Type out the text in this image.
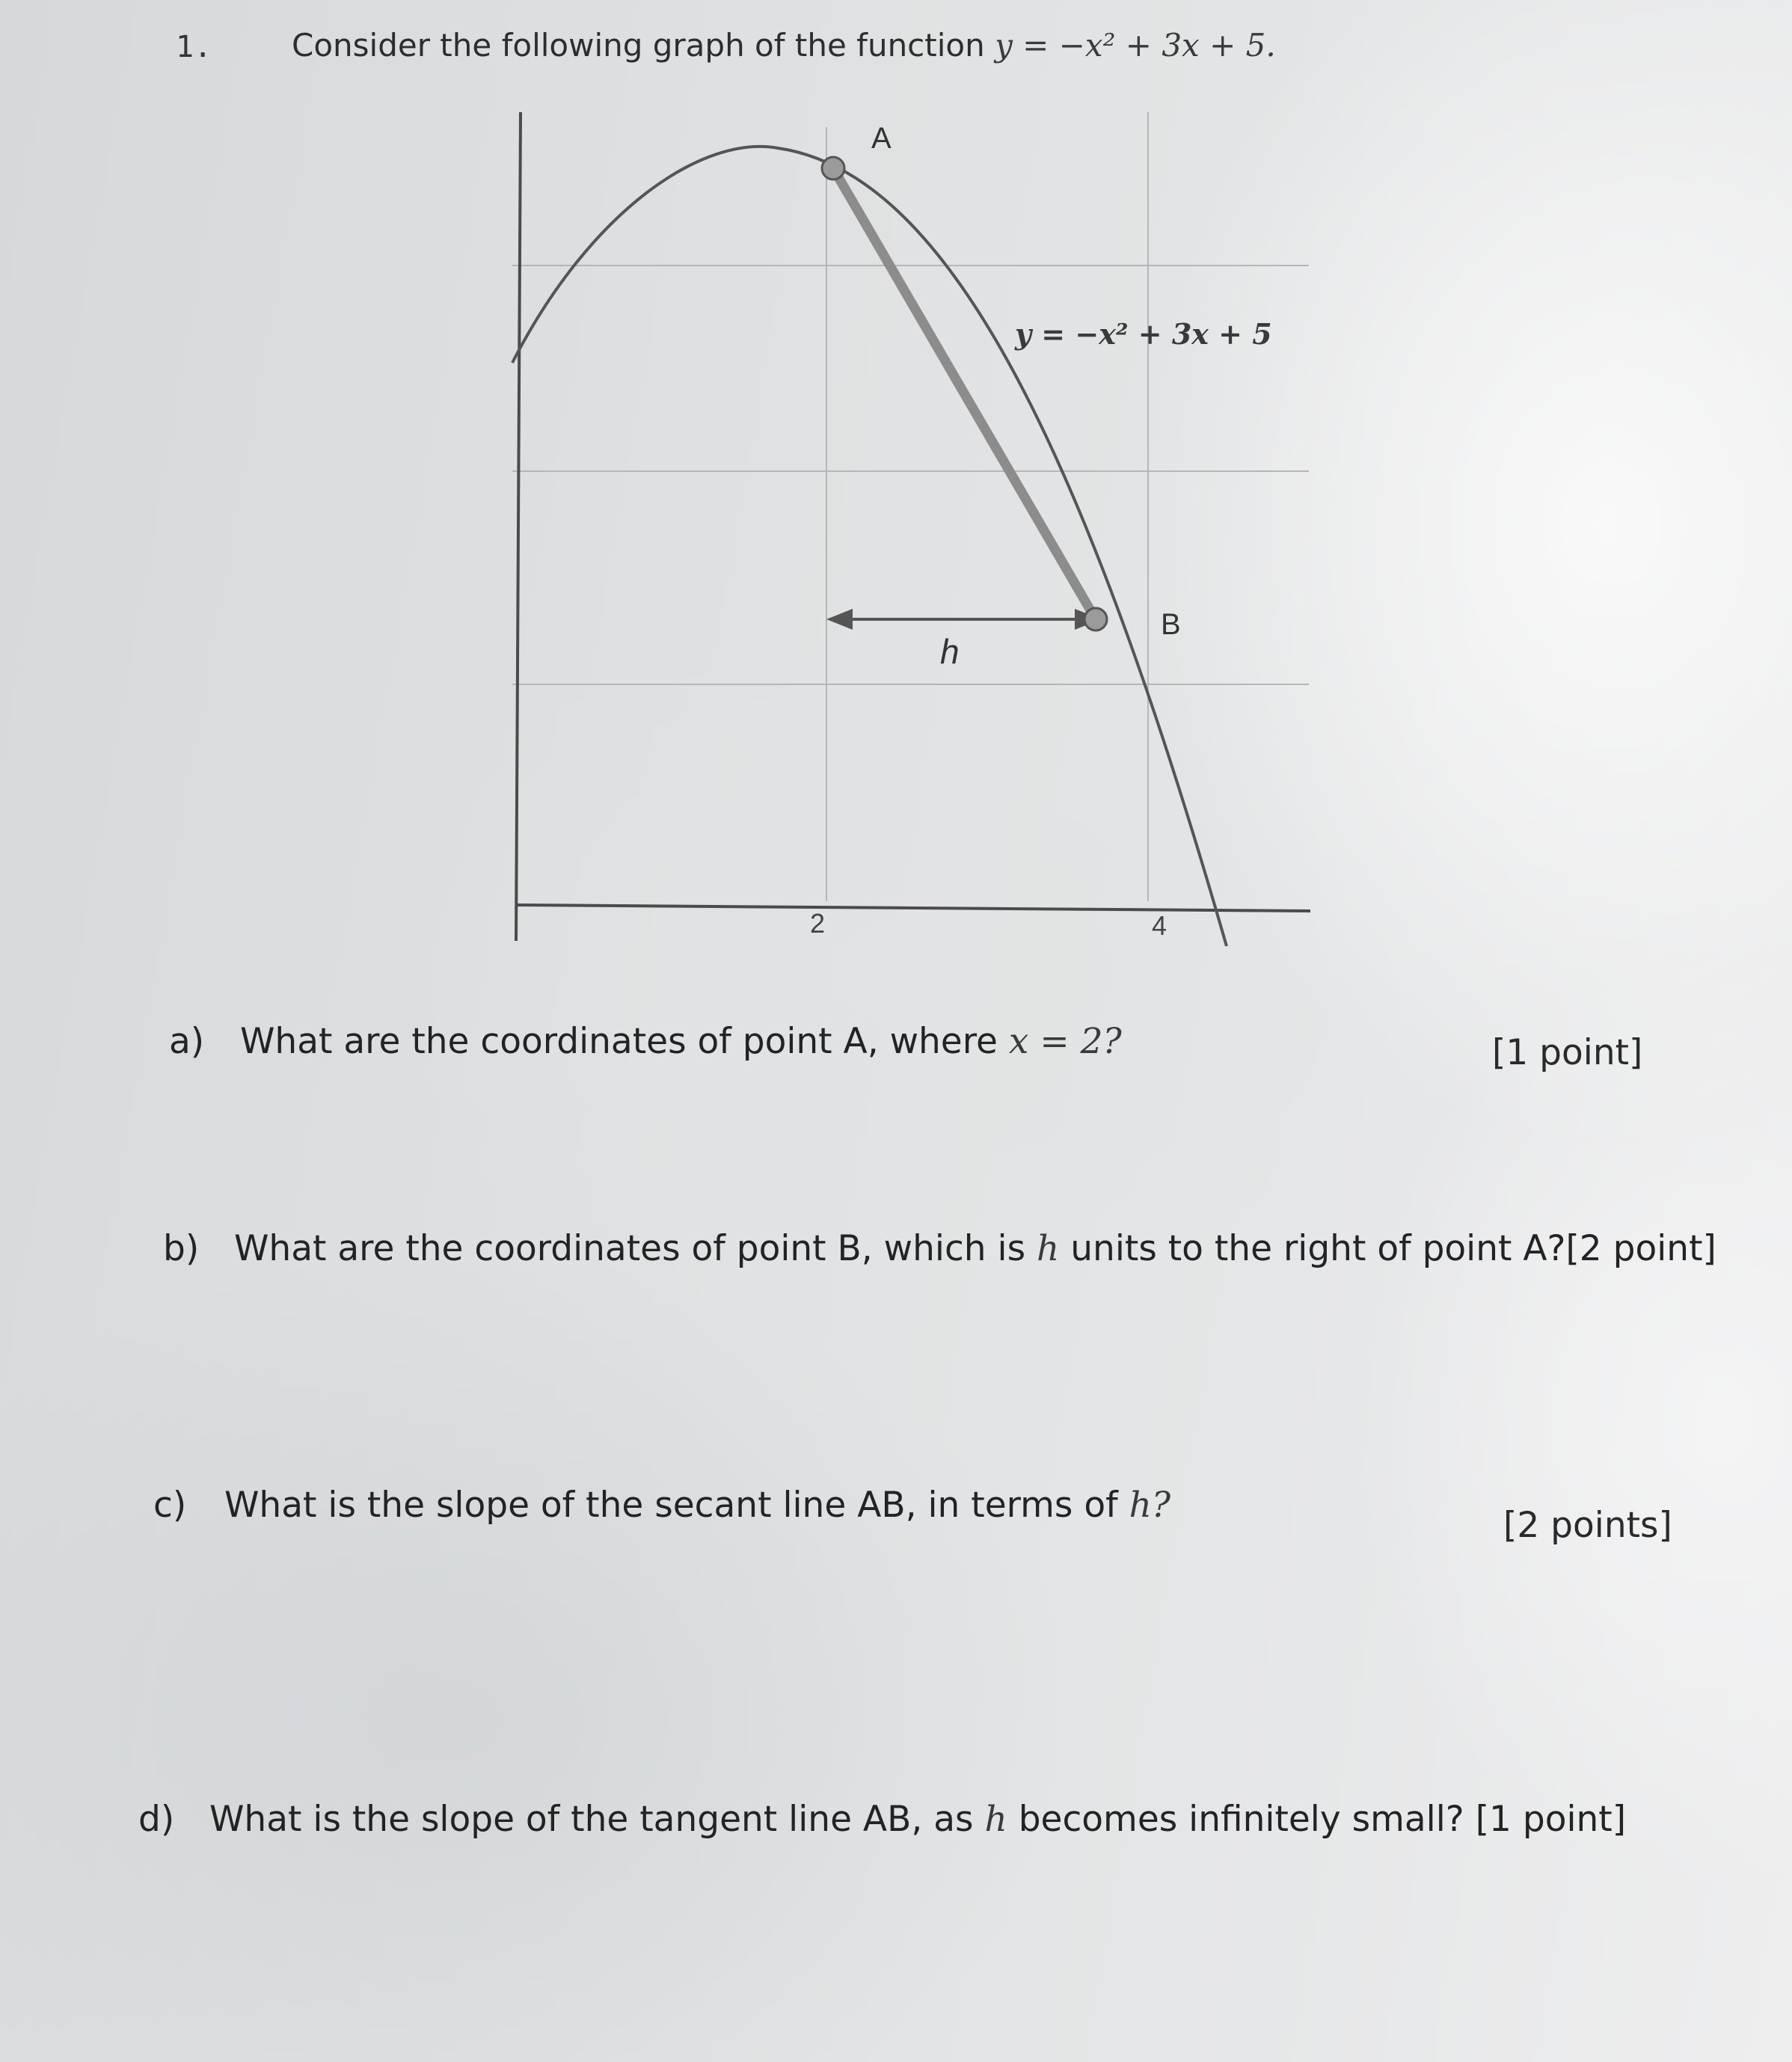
1.	Consider the following graph of the function y = −x² + 3x + 5.
A
B
y = −x² + 3x + 5
h
2	4
a) What are the coordinates of point A, where x = 2?	[1 point]
b) What are the coordinates of point B, which is h units to the right of point A?[2 point]
c) What is the slope of the secant line AB, in terms of h?	[2 points]
d) What is the slope of the tangent line AB, as h becomes infinitely small? [1 point]
